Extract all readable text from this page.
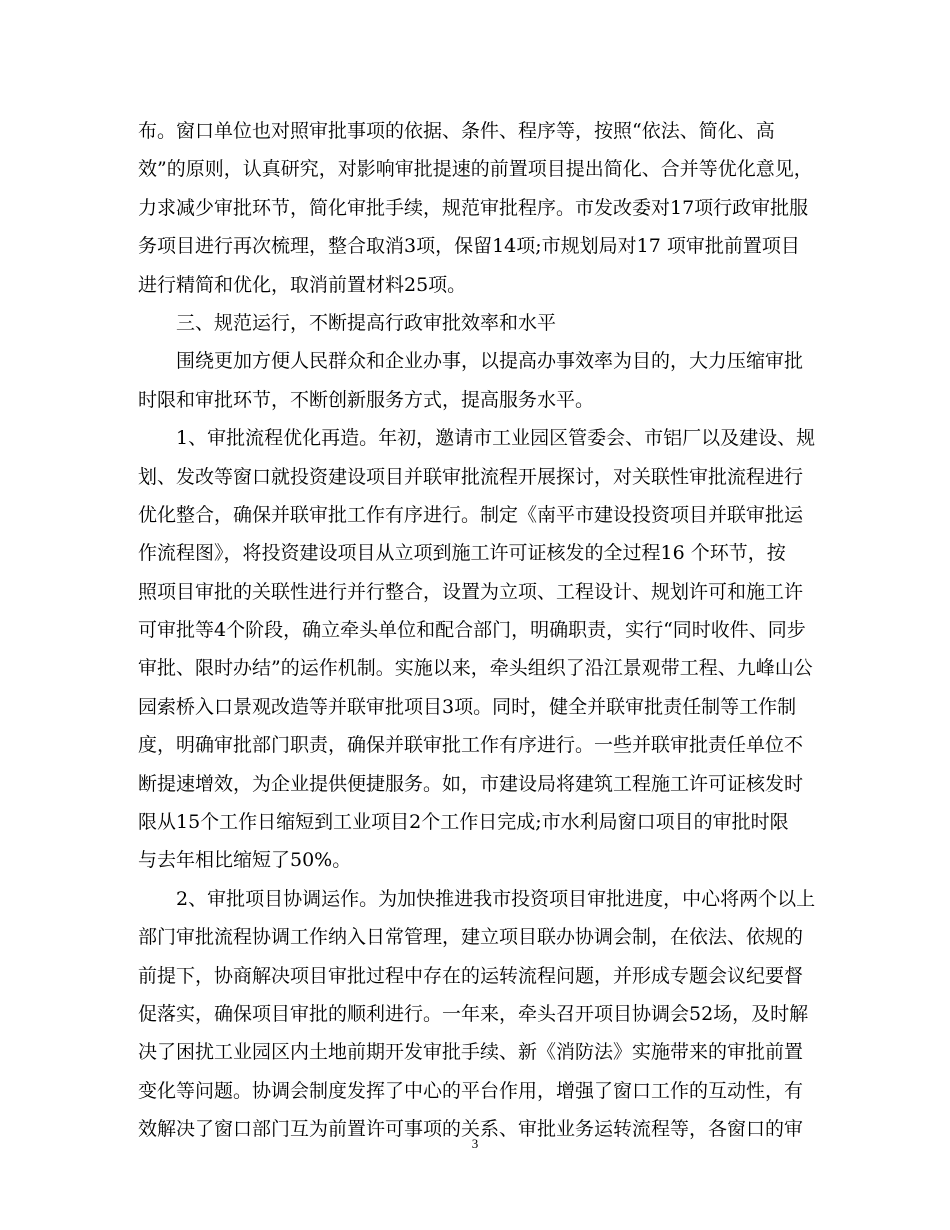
布。窗口单位也对照审批事项的依据、条件、程序等，按照“依法、简化、高
效”的原则，认真研究，对影响审批提速的前置项目提出简化、合并等优化意见，
力求减少审批环节，简化审批手续，规范审批程序。市发改委对17项行政审批服
务项目进行再次梳理，整合取消3项，保留14项;市规划局对17 项审批前置项目
进行精简和优化，取消前置材料25项。
三、规范运行，不断提高行政审批效率和水平
围绕更加方便人民群众和企业办事，以提高办事效率为目的，大力压缩审批
时限和审批环节，不断创新服务方式，提高服务水平。
1、审批流程优化再造。年初，邀请市工业园区管委会、市铝厂以及建设、规
划、发改等窗口就投资建设项目并联审批流程开展探讨，对关联性审批流程进行
优化整合，确保并联审批工作有序进行。制定《南平市建设投资项目并联审批运
作流程图》，将投资建设项目从立项到施工许可证核发的全过程16 个环节，按
照项目审批的关联性进行并行整合，设置为立项、工程设计、规划许可和施工许
可审批等4个阶段，确立牵头单位和配合部门，明确职责，实行“同时收件、同步
审批、限时办结”的运作机制。实施以来，牵头组织了沿江景观带工程、九峰山公
园索桥入口景观改造等并联审批项目3项。同时，健全并联审批责任制等工作制
度，明确审批部门职责，确保并联审批工作有序进行。一些并联审批责任单位不
断提速增效，为企业提供便捷服务。如，市建设局将建筑工程施工许可证核发时
限从15个工作日缩短到工业项目2个工作日完成;市水利局窗口项目的审批时限
与去年相比缩短了50%。
2、审批项目协调运作。为加快推进我市投资项目审批进度，中心将两个以上
部门审批流程协调工作纳入日常管理，建立项目联办协调会制，在依法、依规的
前提下，协商解决项目审批过程中存在的运转流程问题，并形成专题会议纪要督
促落实，确保项目审批的顺利进行。一年来，牵头召开项目协调会52场，及时解
决了困扰工业园区内土地前期开发审批手续、新《消防法》实施带来的审批前置
变化等问题。协调会制度发挥了中心的平台作用，增强了窗口工作的互动性，有
效解决了窗口部门互为前置许可事项的关系、审批业务运转流程等，各窗口的审
3
